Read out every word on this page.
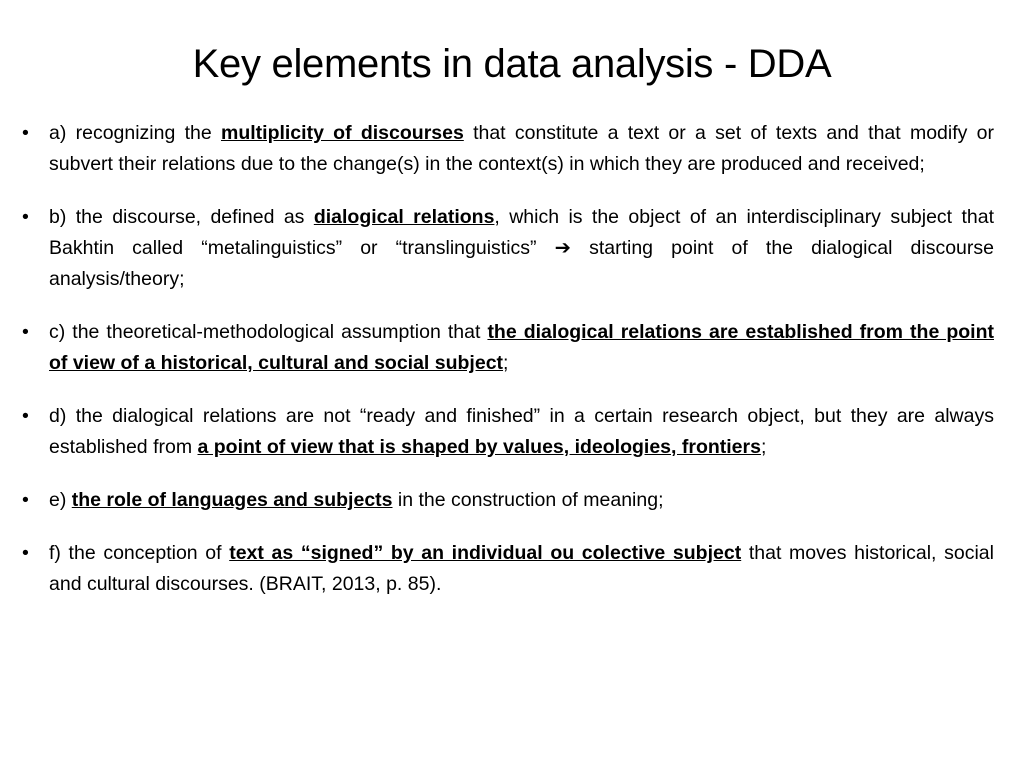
Key elements in data analysis - DDA
• a) recognizing the multiplicity of discourses that constitute a text or a set of texts and that modify or subvert their relations due to the change(s) in the context(s) in which they are produced and received;
• b) the discourse, defined as dialogical relations, which is the object of an interdisciplinary subject that Bakhtin called “metalinguistics” or “translinguistics” ➔ starting point of the dialogical discourse analysis/theory;
• c) the theoretical-methodological assumption that the dialogical relations are established from the point of view of a historical, cultural and social subject;
• d) the dialogical relations are not “ready and finished” in a certain research object, but they are always established from a point of view that is shaped by values, ideologies, frontiers;
• e) the role of languages and subjects in the construction of meaning;
• f) the conception of text as “signed” by an individual ou colective subject that moves historical, social and cultural discourses. (BRAIT, 2013, p. 85).
